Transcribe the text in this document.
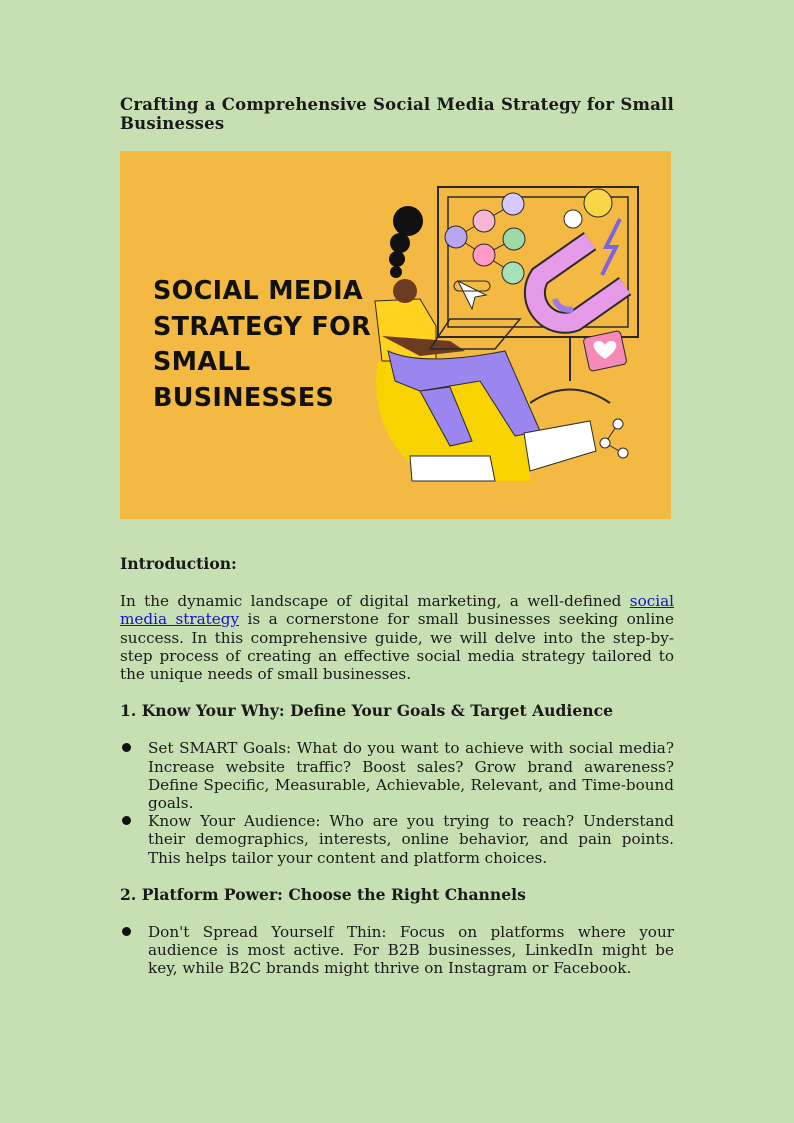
Crafting a Comprehensive Social Media Strategy for Small Businesses
SOCIAL MEDIA
STRATEGY FOR
SMALL
BUSINESSES

Introduction:

In the dynamic landscape of digital marketing, a well-defined social media strategy is a cornerstone for small businesses seeking online success. In this comprehensive guide, we will delve into the step-by-step process of creating an effective social media strategy tailored to the unique needs of small businesses.

1. Know Your Why: Define Your Goals & Target Audience

Set SMART Goals: What do you want to achieve with social media? Increase website traffic? Boost sales? Grow brand awareness? Define Specific, Measurable, Achievable, Relevant, and Time-bound goals.
Know Your Audience: Who are you trying to reach? Understand their demographics, interests, online behavior, and pain points. This helps tailor your content and platform choices.

2. Platform Power: Choose the Right Channels

Don't Spread Yourself Thin: Focus on platforms where your audience is most active. For B2B businesses, LinkedIn might be key, while B2C brands might thrive on Instagram or Facebook.
